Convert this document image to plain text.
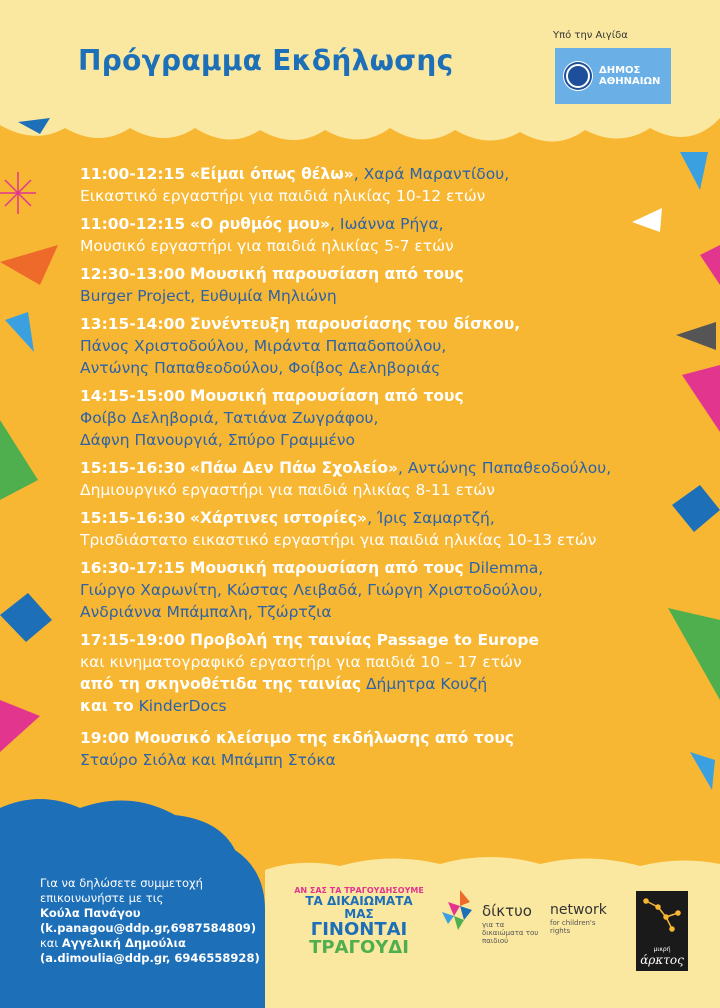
Πρόγραμμα Εκδήλωσης
Υπό την Αιγίδα
ΔΗΜΟΣ
ΑΘΗΝΑΙΩΝ
11:00-12:15 «Είμαι όπως θέλω», Χαρά Μαραντίδου,
Εικαστικό εργαστήρι για παιδιά ηλικίας 10-12 ετών
11:00-12:15 «Ο ρυθμός μου», Ιωάννα Ρήγα,
Μουσικό εργαστήρι για παιδιά ηλικίας 5-7 ετών
12:30-13:00 Μουσική παρουσίαση από τους
Burger Project, Ευθυμία Μηλιώνη
13:15-14:00 Συνέντευξη παρουσίασης του δίσκου,
Πάνος Χριστοδούλου, Μιράντα Παπαδοπούλου,
Αντώνης Παπαθεοδούλου, Φοίβος Δεληβοριάς
14:15-15:00 Μουσική παρουσίαση από τους
Φοίβο Δεληβοριά, Τατιάνα Ζωγράφου,
Δάφνη Πανουργιά, Σπύρο Γραμμένο
15:15-16:30 «Πάω Δεν Πάω Σχολείο», Αντώνης Παπαθεοδούλου,
Δημιουργικό εργαστήρι για παιδιά ηλικίας 8-11 ετών
15:15-16:30 «Χάρτινες ιστορίες», Ίρις Σαμαρτζή,
Τρισδιάστατο εικαστικό εργαστήρι για παιδιά ηλικίας 10-13 ετών
16:30-17:15 Μουσική παρουσίαση από τους Dilemma,
Γιώργο Χαρωνίτη, Κώστας Λειβαδά, Γιώργη Χριστοδούλου,
Ανδριάννα Μπάμπαλη, Τζώρτζια
17:15-19:00 Προβολή της ταινίας Passage to Europe
και κινηματογραφικό εργαστήρι για παιδιά 10 – 17 ετών
από τη σκηνοθέτιδα της ταινίας Δήμητρα Κουζή
και το KinderDocs
19:00 Μουσικό κλείσιμο της εκδήλωσης από τους
Σταύρο Σιόλα και Μπάμπη Στόκα
Για να δηλώσετε συμμετοχή
επικοινωνήστε με τις
Κούλα Πανάγου
(k.panagou@ddp.gr,6987584809)
και Αγγελική Δημούλια
(a.dimoulia@ddp.gr, 6946558928)
ΑΝ ΣΑΣ ΤΑ ΤΡΑΓΟΥΔΗΣΟΥΜΕ
ΤΑ ΔΙΚΑΙΩΜΑΤΑ ΜΑΣ
ΓΙΝΟΝΤΑΙ
ΤΡΑΓΟΥΔΙ
δίκτυο
για τα δικαιώματα του παιδιού
network
for children's rights
μικρή
άρκτος
